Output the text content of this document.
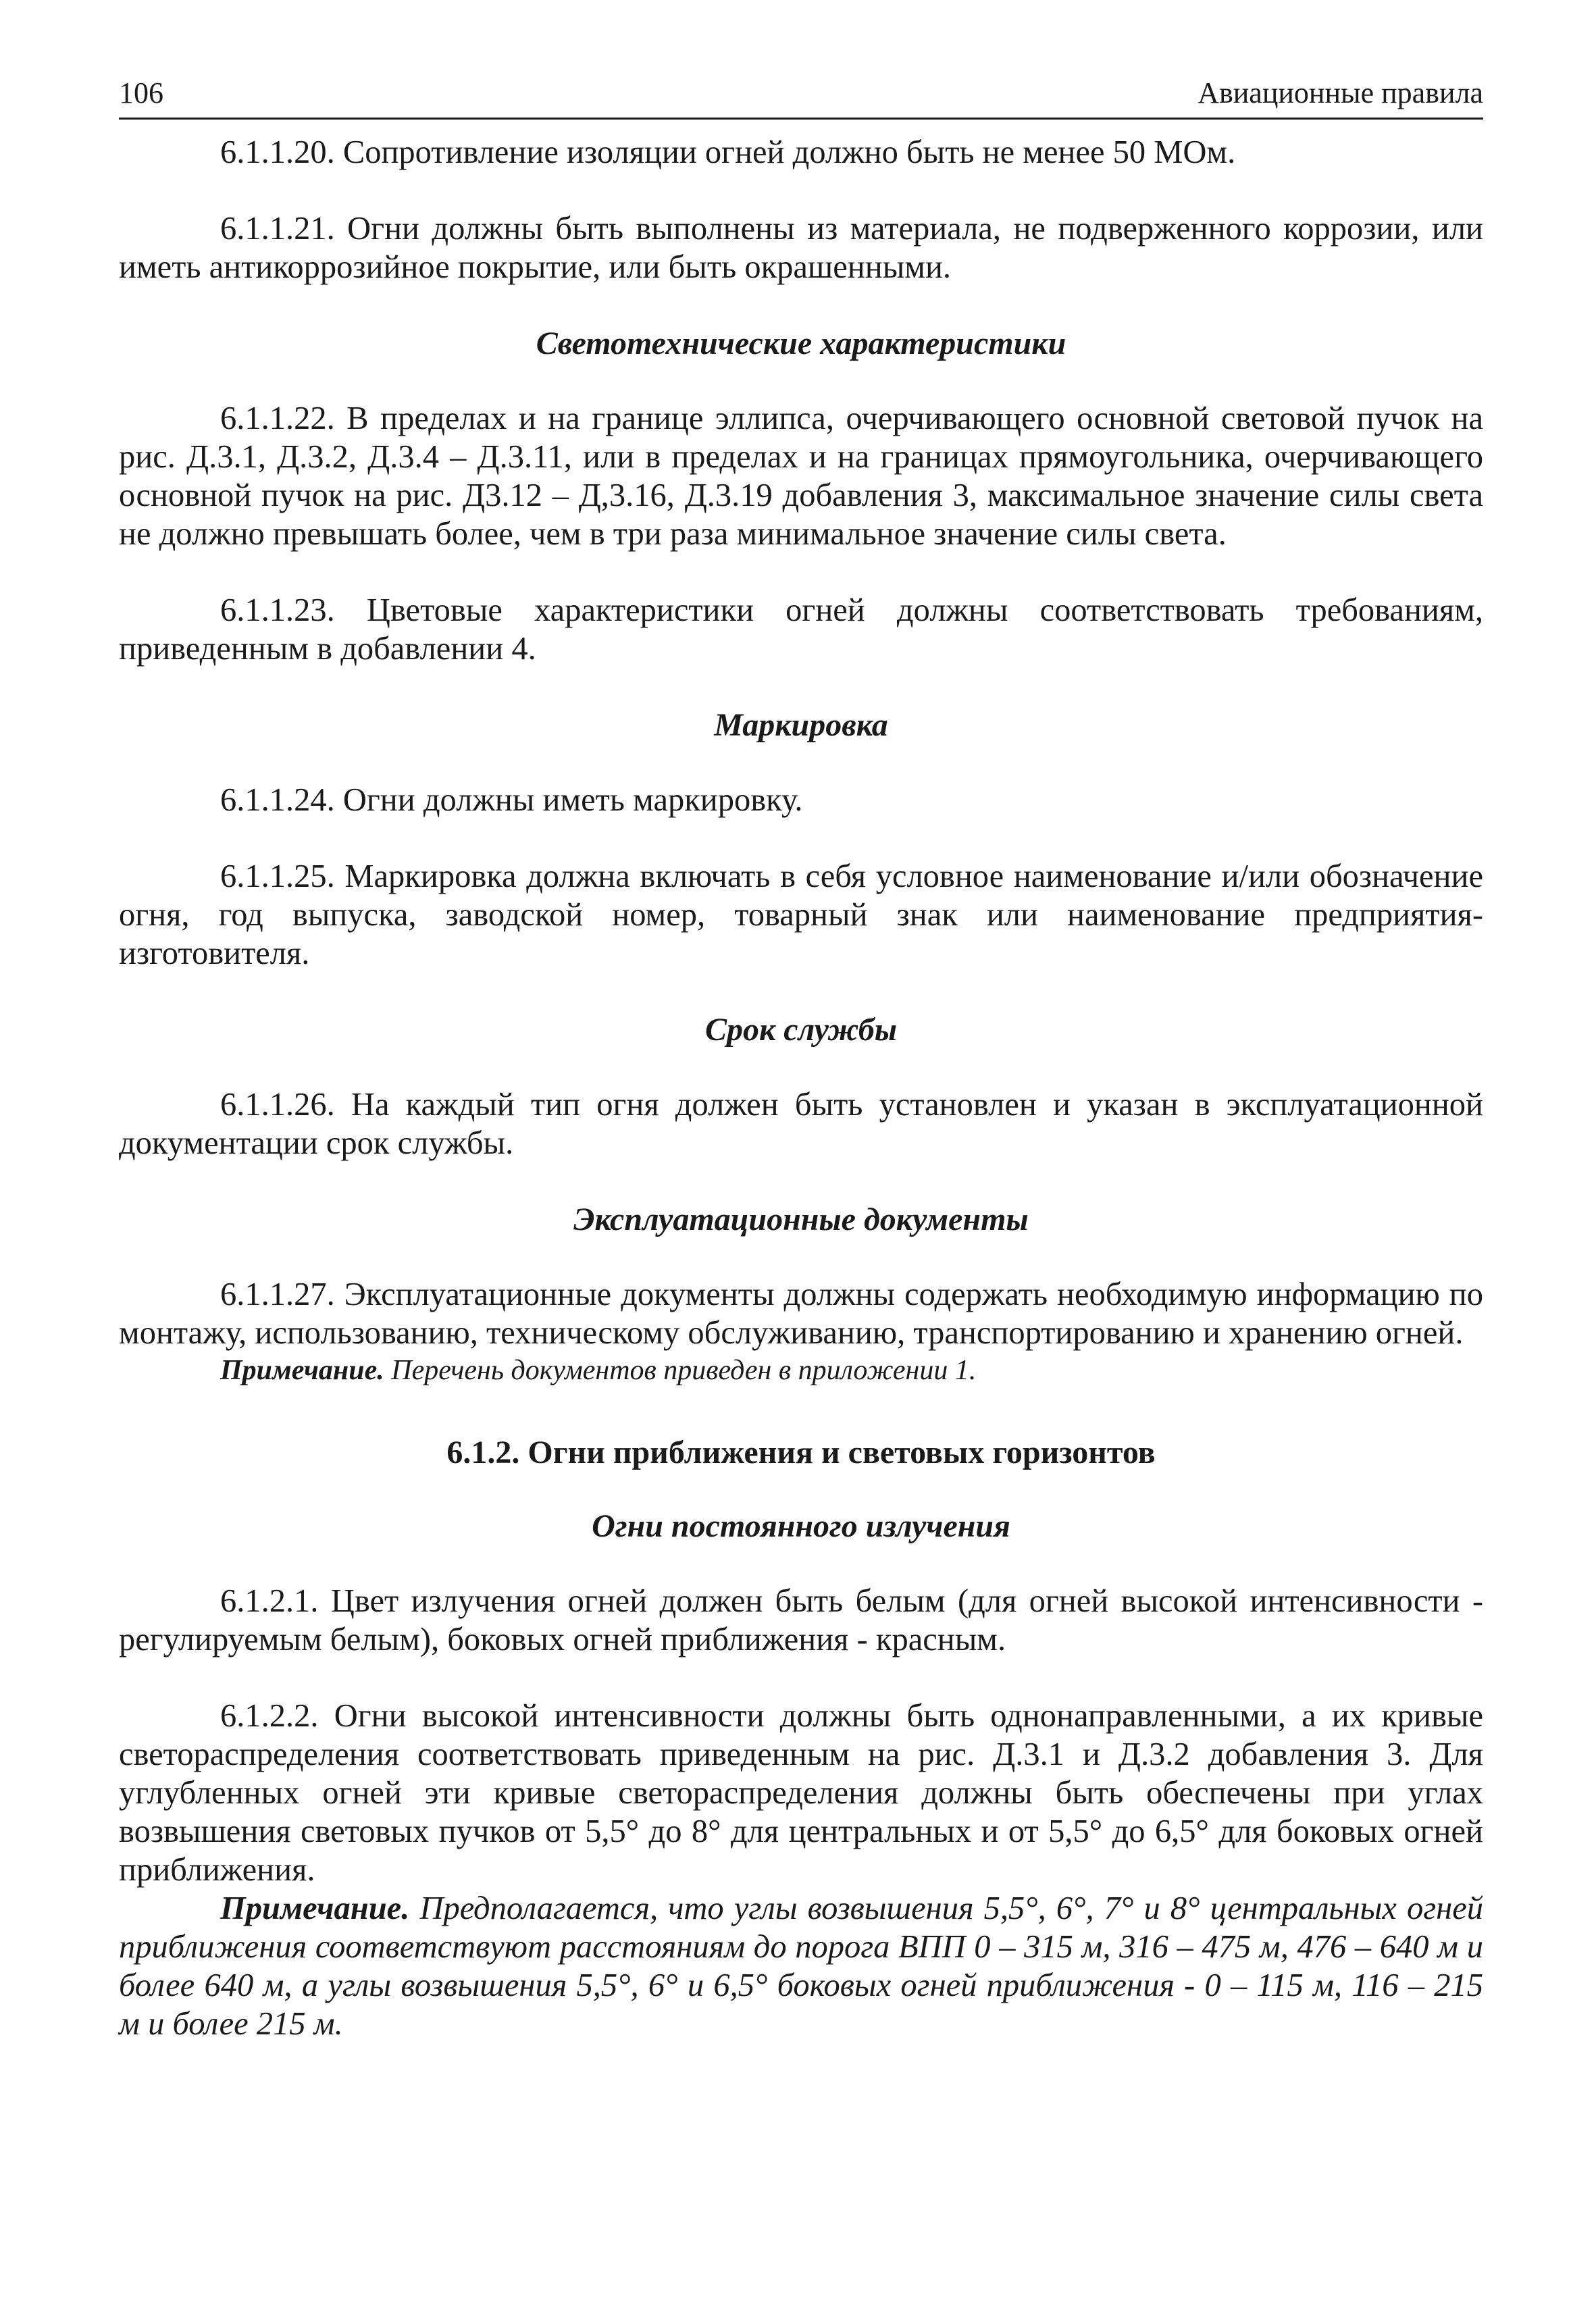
106	Авиационные правила

6.1.1.20. Сопротивление изоляции огней должно быть не менее 50 МОм.

6.1.1.21. Огни должны быть выполнены из материала, не подверженного коррозии, или иметь антикоррозийное покрытие, или быть окрашенными.

Светотехнические характеристики

6.1.1.22. В пределах и на границе эллипса, очерчивающего основной световой пучок на рис. Д.3.1, Д.3.2, Д.3.4 – Д.3.11, или в пределах и на границах прямоугольника, очерчивающего основной пучок на рис. Д3.12 – Д,3.16, Д.3.19 добавления 3, максимальное значение силы света не должно превышать более, чем в три раза минимальное значение силы света.

6.1.1.23. Цветовые характеристики огней должны соответствовать требованиям, приведенным в добавлении 4.

Маркировка

6.1.1.24. Огни должны иметь маркировку.

6.1.1.25. Маркировка должна включать в себя условное наименование и/или обозначение огня, год выпуска, заводской номер, товарный знак или наименование предприятия-изготовителя.

Срок службы

6.1.1.26. На каждый тип огня должен быть установлен и указан в эксплуатационной документации срок службы.

Эксплуатационные документы

6.1.1.27. Эксплуатационные документы должны содержать необходимую информацию по монтажу, использованию, техническому обслуживанию, транспортированию и хранению огней.

Примечание. Перечень документов приведен в приложении 1.

6.1.2. Огни приближения и световых горизонтов
Огни постоянного излучения

6.1.2.1. Цвет излучения огней должен быть белым (для огней высокой интенсивности - регулируемым белым), боковых огней приближения - красным.

6.1.2.2. Огни высокой интенсивности должны быть однонаправленными, а их кривые светораспределения соответствовать приведенным на рис. Д.3.1 и Д.3.2 добавления 3. Для углубленных огней эти кривые светораспределения должны быть обеспечены при углах возвышения световых пучков от 5,5° до 8° для центральных и от 5,5° до 6,5° для боковых огней приближения.

Примечание. Предполагается, что углы возвышения 5,5°, 6°, 7° и 8° центральных огней приближения соответствуют расстояниям до порога ВПП 0 – 315 м, 316 – 475 м, 476 – 640 м и более 640 м, а углы возвышения 5,5°, 6° и 6,5° боковых огней приближения - 0 – 115 м, 116 – 215 м и более 215 м.
